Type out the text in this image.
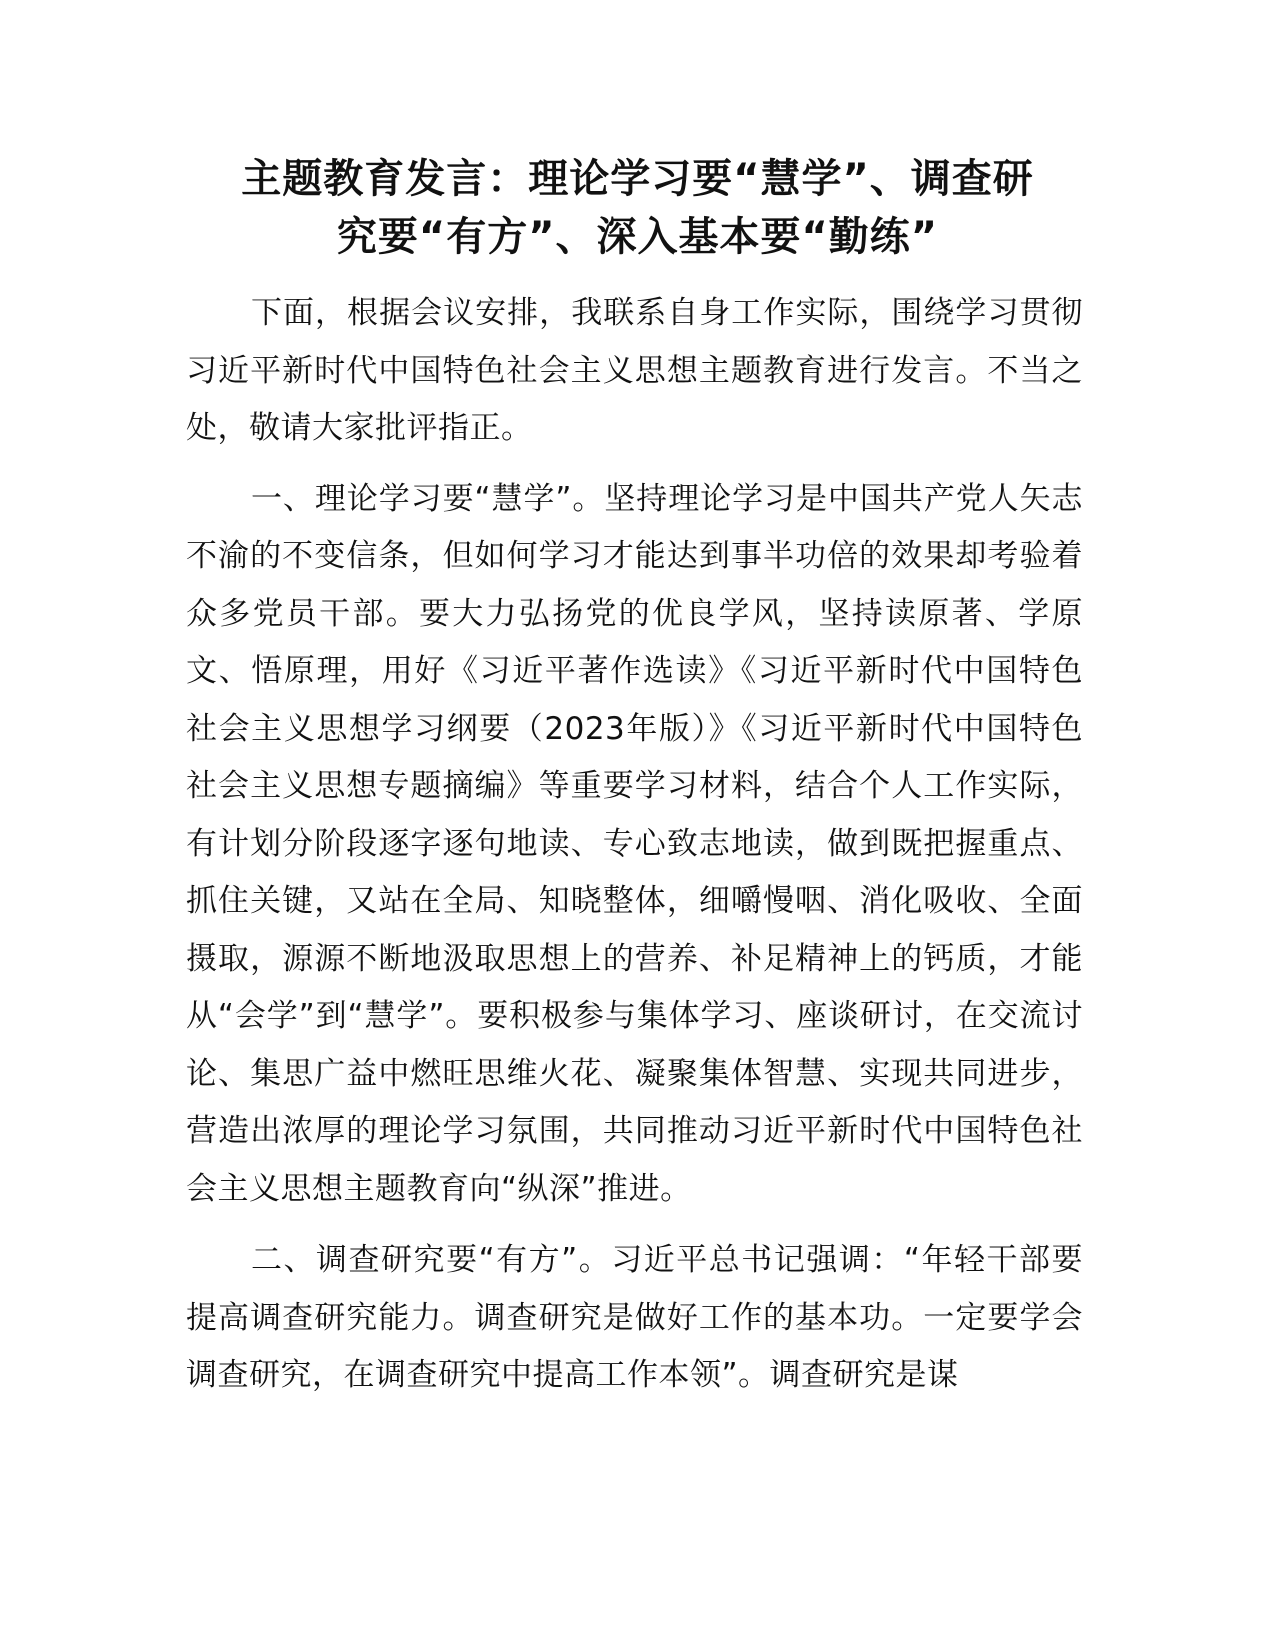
主题教育发言：理论学习要“慧学”、调查研
究要“有方”、深入基本要“勤练”

下面，根据会议安排，我联系自身工作实际，围绕学习贯彻习近平新时代中国特色社会主义思想主题教育进行发言。不当之处，敬请大家批评指正。

一、理论学习要“慧学”。坚持理论学习是中国共产党人矢志不渝的不变信条，但如何学习才能达到事半功倍的效果却考验着众多党员干部。要大力弘扬党的优良学风，坚持读原著、学原文、悟原理，用好《习近平著作选读》《习近平新时代中国特色社会主义思想学习纲要（2023年版）》《习近平新时代中国特色社会主义思想专题摘编》等重要学习材料，结合个人工作实际，有计划分阶段逐字逐句地读、专心致志地读，做到既把握重点、抓住关键，又站在全局、知晓整体，细嚼慢咽、消化吸收、全面摄取，源源不断地汲取思想上的营养、补足精神上的钙质，才能从“会学”到“慧学”。要积极参与集体学习、座谈研讨，在交流讨论、集思广益中燃旺思维火花、凝聚集体智慧、实现共同进步，营造出浓厚的理论学习氛围，共同推动习近平新时代中国特色社会主义思想主题教育向“纵深”推进。

二、调查研究要“有方”。习近平总书记强调：“年轻干部要提高调查研究能力。调查研究是做好工作的基本功。一定要学会调查研究，在调查研究中提高工作本领”。调查研究是谋
